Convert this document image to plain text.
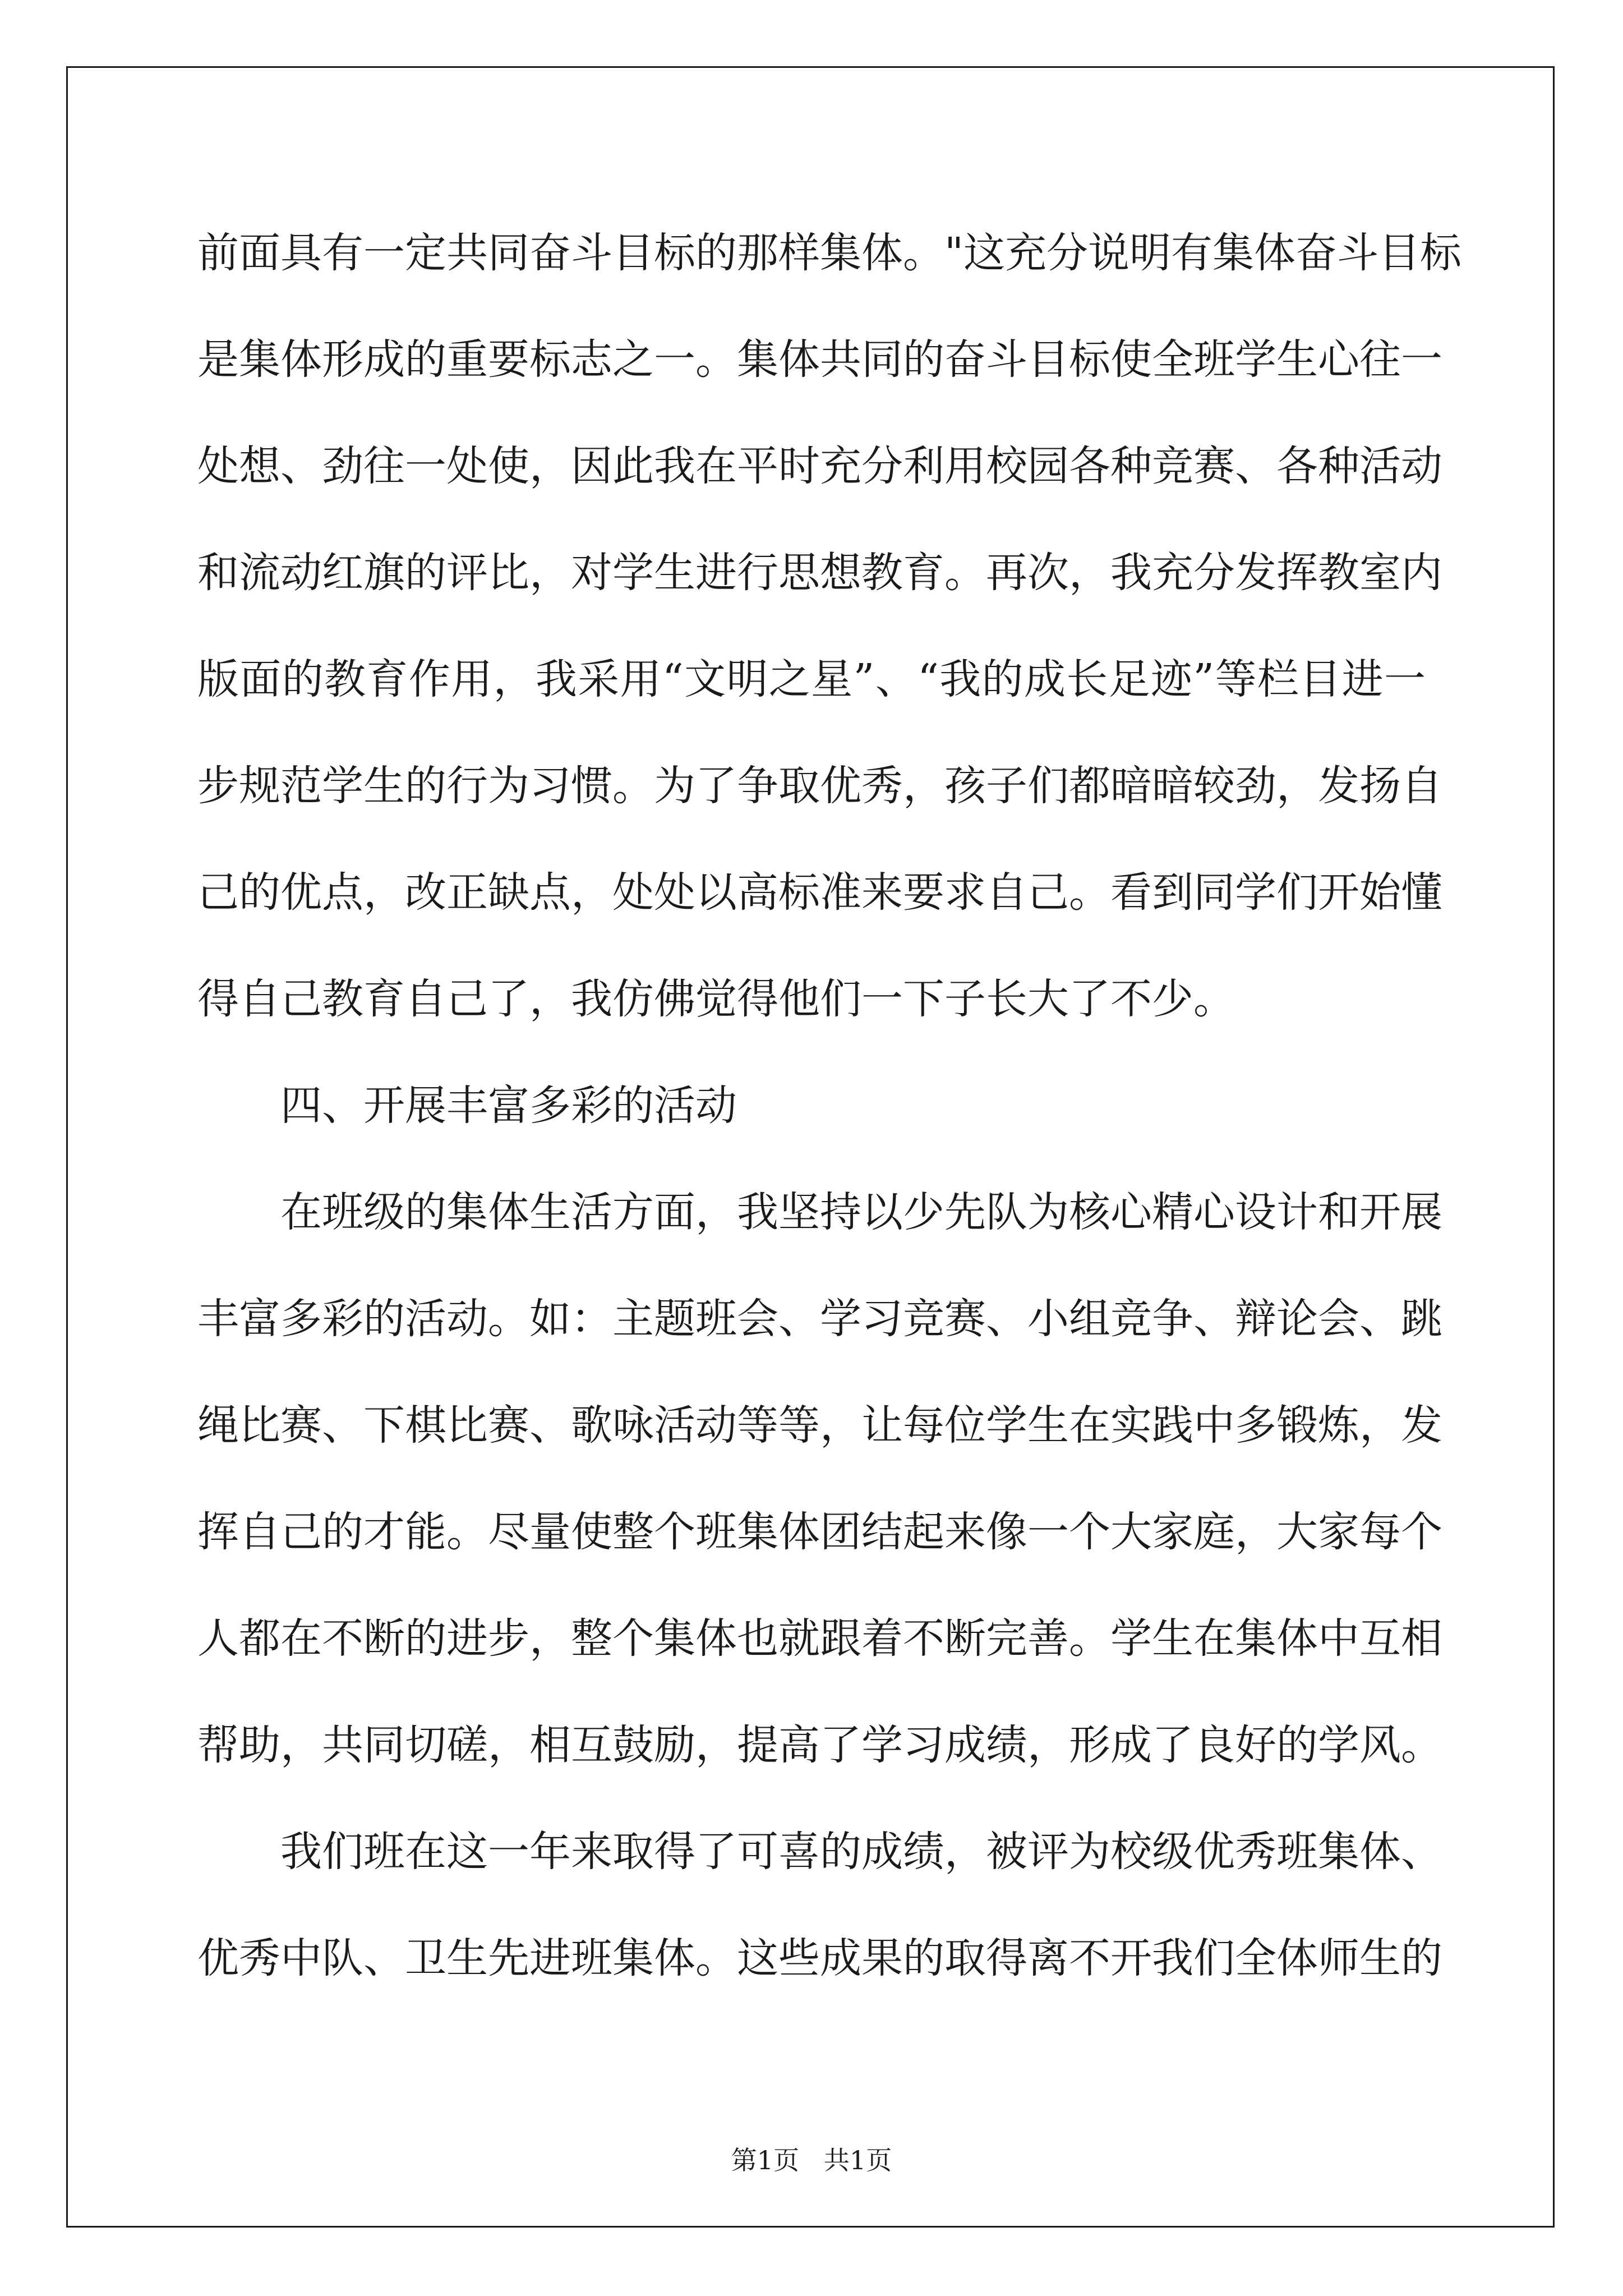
前面具有一定共同奋斗目标的那样集体。"这充分说明有集体奋斗目标
是集体形成的重要标志之一。集体共同的奋斗目标使全班学生心往一
处想、劲往一处使，因此我在平时充分利用校园各种竞赛、各种活动
和流动红旗的评比，对学生进行思想教育。再次，我充分发挥教室内
版面的教育作用，我采用“文明之星”、“我的成长足迹”等栏目进一
步规范学生的行为习惯。为了争取优秀，孩子们都暗暗较劲，发扬自
己的优点，改正缺点，处处以高标准来要求自己。看到同学们开始懂
得自己教育自己了，我仿佛觉得他们一下子长大了不少。
四、开展丰富多彩的活动
在班级的集体生活方面，我坚持以少先队为核心精心设计和开展
丰富多彩的活动。如：主题班会、学习竞赛、小组竞争、辩论会、跳
绳比赛、下棋比赛、歌咏活动等等，让每位学生在实践中多锻炼，发
挥自己的才能。尽量使整个班集体团结起来像一个大家庭，大家每个
人都在不断的进步，整个集体也就跟着不断完善。学生在集体中互相
帮助，共同切磋，相互鼓励，提高了学习成绩，形成了良好的学风。
我们班在这一年来取得了可喜的成绩，被评为校级优秀班集体、
优秀中队、卫生先进班集体。这些成果的取得离不开我们全体师生的
第1页   共1页
